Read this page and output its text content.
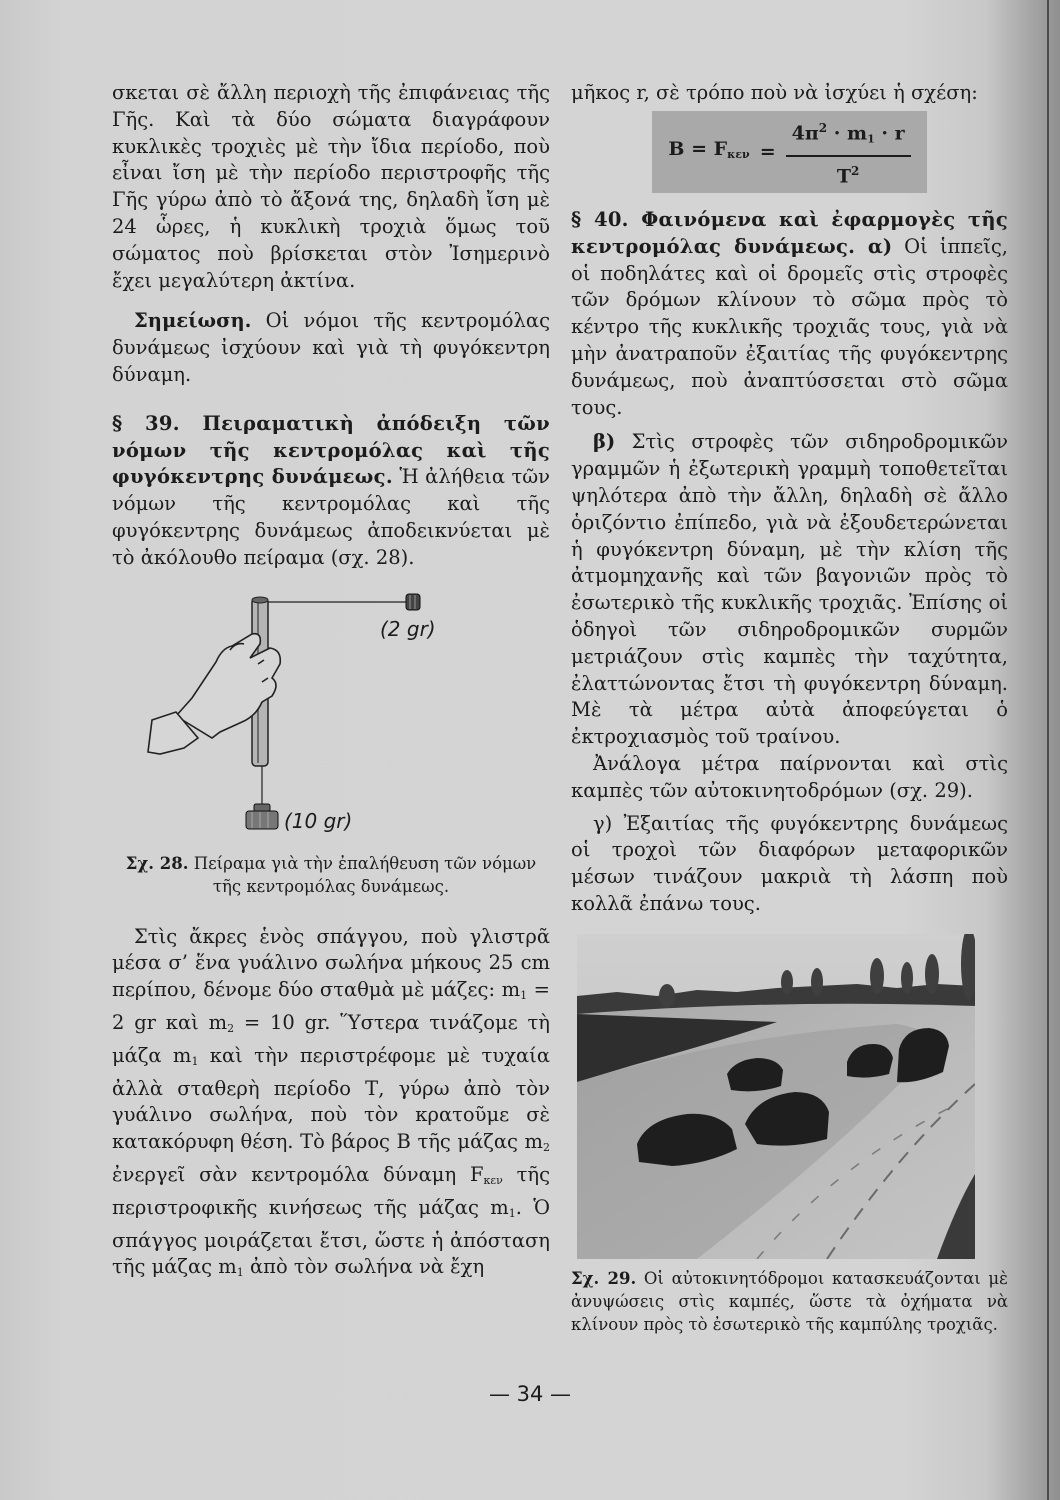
σκεται σὲ ἄλλη περιοχὴ τῆς ἐπιφάνειας τῆς Γῆς. Καὶ τὰ δύο σώματα διαγράφουν κυκλικὲς τροχιὲς μὲ τὴν ἴδια περίοδο, ποὺ εἶναι ἴση μὲ τὴν περίοδο περιστροφῆς τῆς Γῆς γύρω ἀπὸ τὸ ἄξονά της, δηλαδὴ ἴση μὲ 24 ὧρες, ἡ κυκλικὴ τροχιὰ ὅμως τοῦ σώματος ποὺ βρίσκεται στὸν Ἰσημερινὸ ἔχει μεγαλύτερη ἀκτίνα.

Σημείωση. Οἱ νόμοι τῆς κεντρομόλας δυνάμεως ἰσχύουν καὶ γιὰ τὴ φυγόκεντρη δύναμη.

§ 39. Πειραματικὴ ἀπόδειξη τῶν νόμων τῆς κεντρομόλας καὶ τῆς φυγόκεντρης δυνάμεως. Ἡ ἀλήθεια τῶν νόμων τῆς κεντρομόλας καὶ τῆς φυγόκεντρης δυνάμεως ἀποδεικνύεται μὲ τὸ ἀκόλουθο πείραμα (σχ. 28).

(2 gr)
(10 gr)

Σχ. 28. Πείραμα γιὰ τὴν ἐπαλήθευση τῶν νόμων τῆς κεντρομόλας δυνάμεως.

Στὶς ἄκρες ἑνὸς σπάγγου, ποὺ γλιστρᾶ μέσα σ’ ἕνα γυάλινο σωλήνα μήκους 25 cm περίπου, δένομε δύο σταθμὰ μὲ μάζες: $m_1 = 2$ gr καὶ $m_2 = 10$ gr. Ὕστερα τινάζομε τὴ μάζα $m_1$ καὶ τὴν περιστρέφομε μὲ τυχαία ἀλλὰ σταθερὴ περίοδο Τ, γύρω ἀπὸ τὸν γυάλινο σωλήνα, ποὺ τὸν κρατοῦμε σὲ κατακόρυφη θέση. Τὸ βάρος Β τῆς μάζας $m_2$ ἐνεργεῖ σὰν κεντρομόλα δύναμη $F_{\kappa\varepsilon\nu}$ τῆς περιστροφικῆς κινήσεως τῆς μάζας $m_1$. Ὁ σπάγγος μοιράζεται ἔτσι, ὥστε ἡ ἀπόσταση τῆς μάζας $m_1$ ἀπὸ τὸν σωλήνα νὰ ἔχη

μῆκος r, σὲ τρόπο ποὺ νὰ ἰσχύει ἡ σχέση:

$B = F_{\kappa\varepsilon\nu} = \frac{4\pi^2 \cdot m_1 \cdot r}{T^2}$

§ 40. Φαινόμενα καὶ ἐφαρμογὲς τῆς κεντρομόλας δυνάμεως. α) Οἱ ἱππεῖς, οἱ ποδηλάτες καὶ οἱ δρομεῖς στὶς στροφὲς τῶν δρόμων κλίνουν τὸ σῶμα πρὸς τὸ κέντρο τῆς κυκλικῆς τροχιᾶς τους, γιὰ νὰ μὴν ἀνατραποῦν ἐξαιτίας τῆς φυγόκεντρης δυνάμεως, ποὺ ἀναπτύσσεται στὸ σῶμα τους.

β) Στὶς στροφὲς τῶν σιδηροδρομικῶν γραμμῶν ἡ ἐξωτερικὴ γραμμὴ τοποθετεῖται ψηλότερα ἀπὸ τὴν ἄλλη, δηλαδὴ σὲ ἄλλο ὁριζόντιο ἐπίπεδο, γιὰ νὰ ἐξουδετερώνεται ἡ φυγόκεντρη δύναμη, μὲ τὴν κλίση τῆς ἀτμομηχανῆς καὶ τῶν βαγονιῶν πρὸς τὸ ἐσωτερικὸ τῆς κυκλικῆς τροχιᾶς. Ἐπίσης οἱ ὁδηγοὶ τῶν σιδηροδρομικῶν συρμῶν μετριάζουν στὶς καμπὲς τὴν ταχύτητα, ἐλαττώνοντας ἔτσι τὴ φυγόκεντρη δύναμη. Μὲ τὰ μέτρα αὐτὰ ἀποφεύγεται ὁ ἐκτροχιασμὸς τοῦ τραίνου.

Ἀνάλογα μέτρα παίρνονται καὶ στὶς καμπὲς τῶν αὐτοκινητοδρόμων (σχ. 29).

γ) Ἐξαιτίας τῆς φυγόκεντρης δυνάμεως οἱ τροχοὶ τῶν διαφόρων μεταφορικῶν μέσων τινάζουν μακριὰ τὴ λάσπη ποὺ κολλᾶ ἐπάνω τους.

Σχ. 29. Οἱ αὐτοκινητόδρομοι κατασκευάζονται μὲ ἀνυψώσεις στὶς καμπές, ὥστε τὰ ὀχήματα νὰ κλίνουν πρὸς τὸ ἐσωτερικὸ τῆς καμπύλης τροχιᾶς.

— 34 —
